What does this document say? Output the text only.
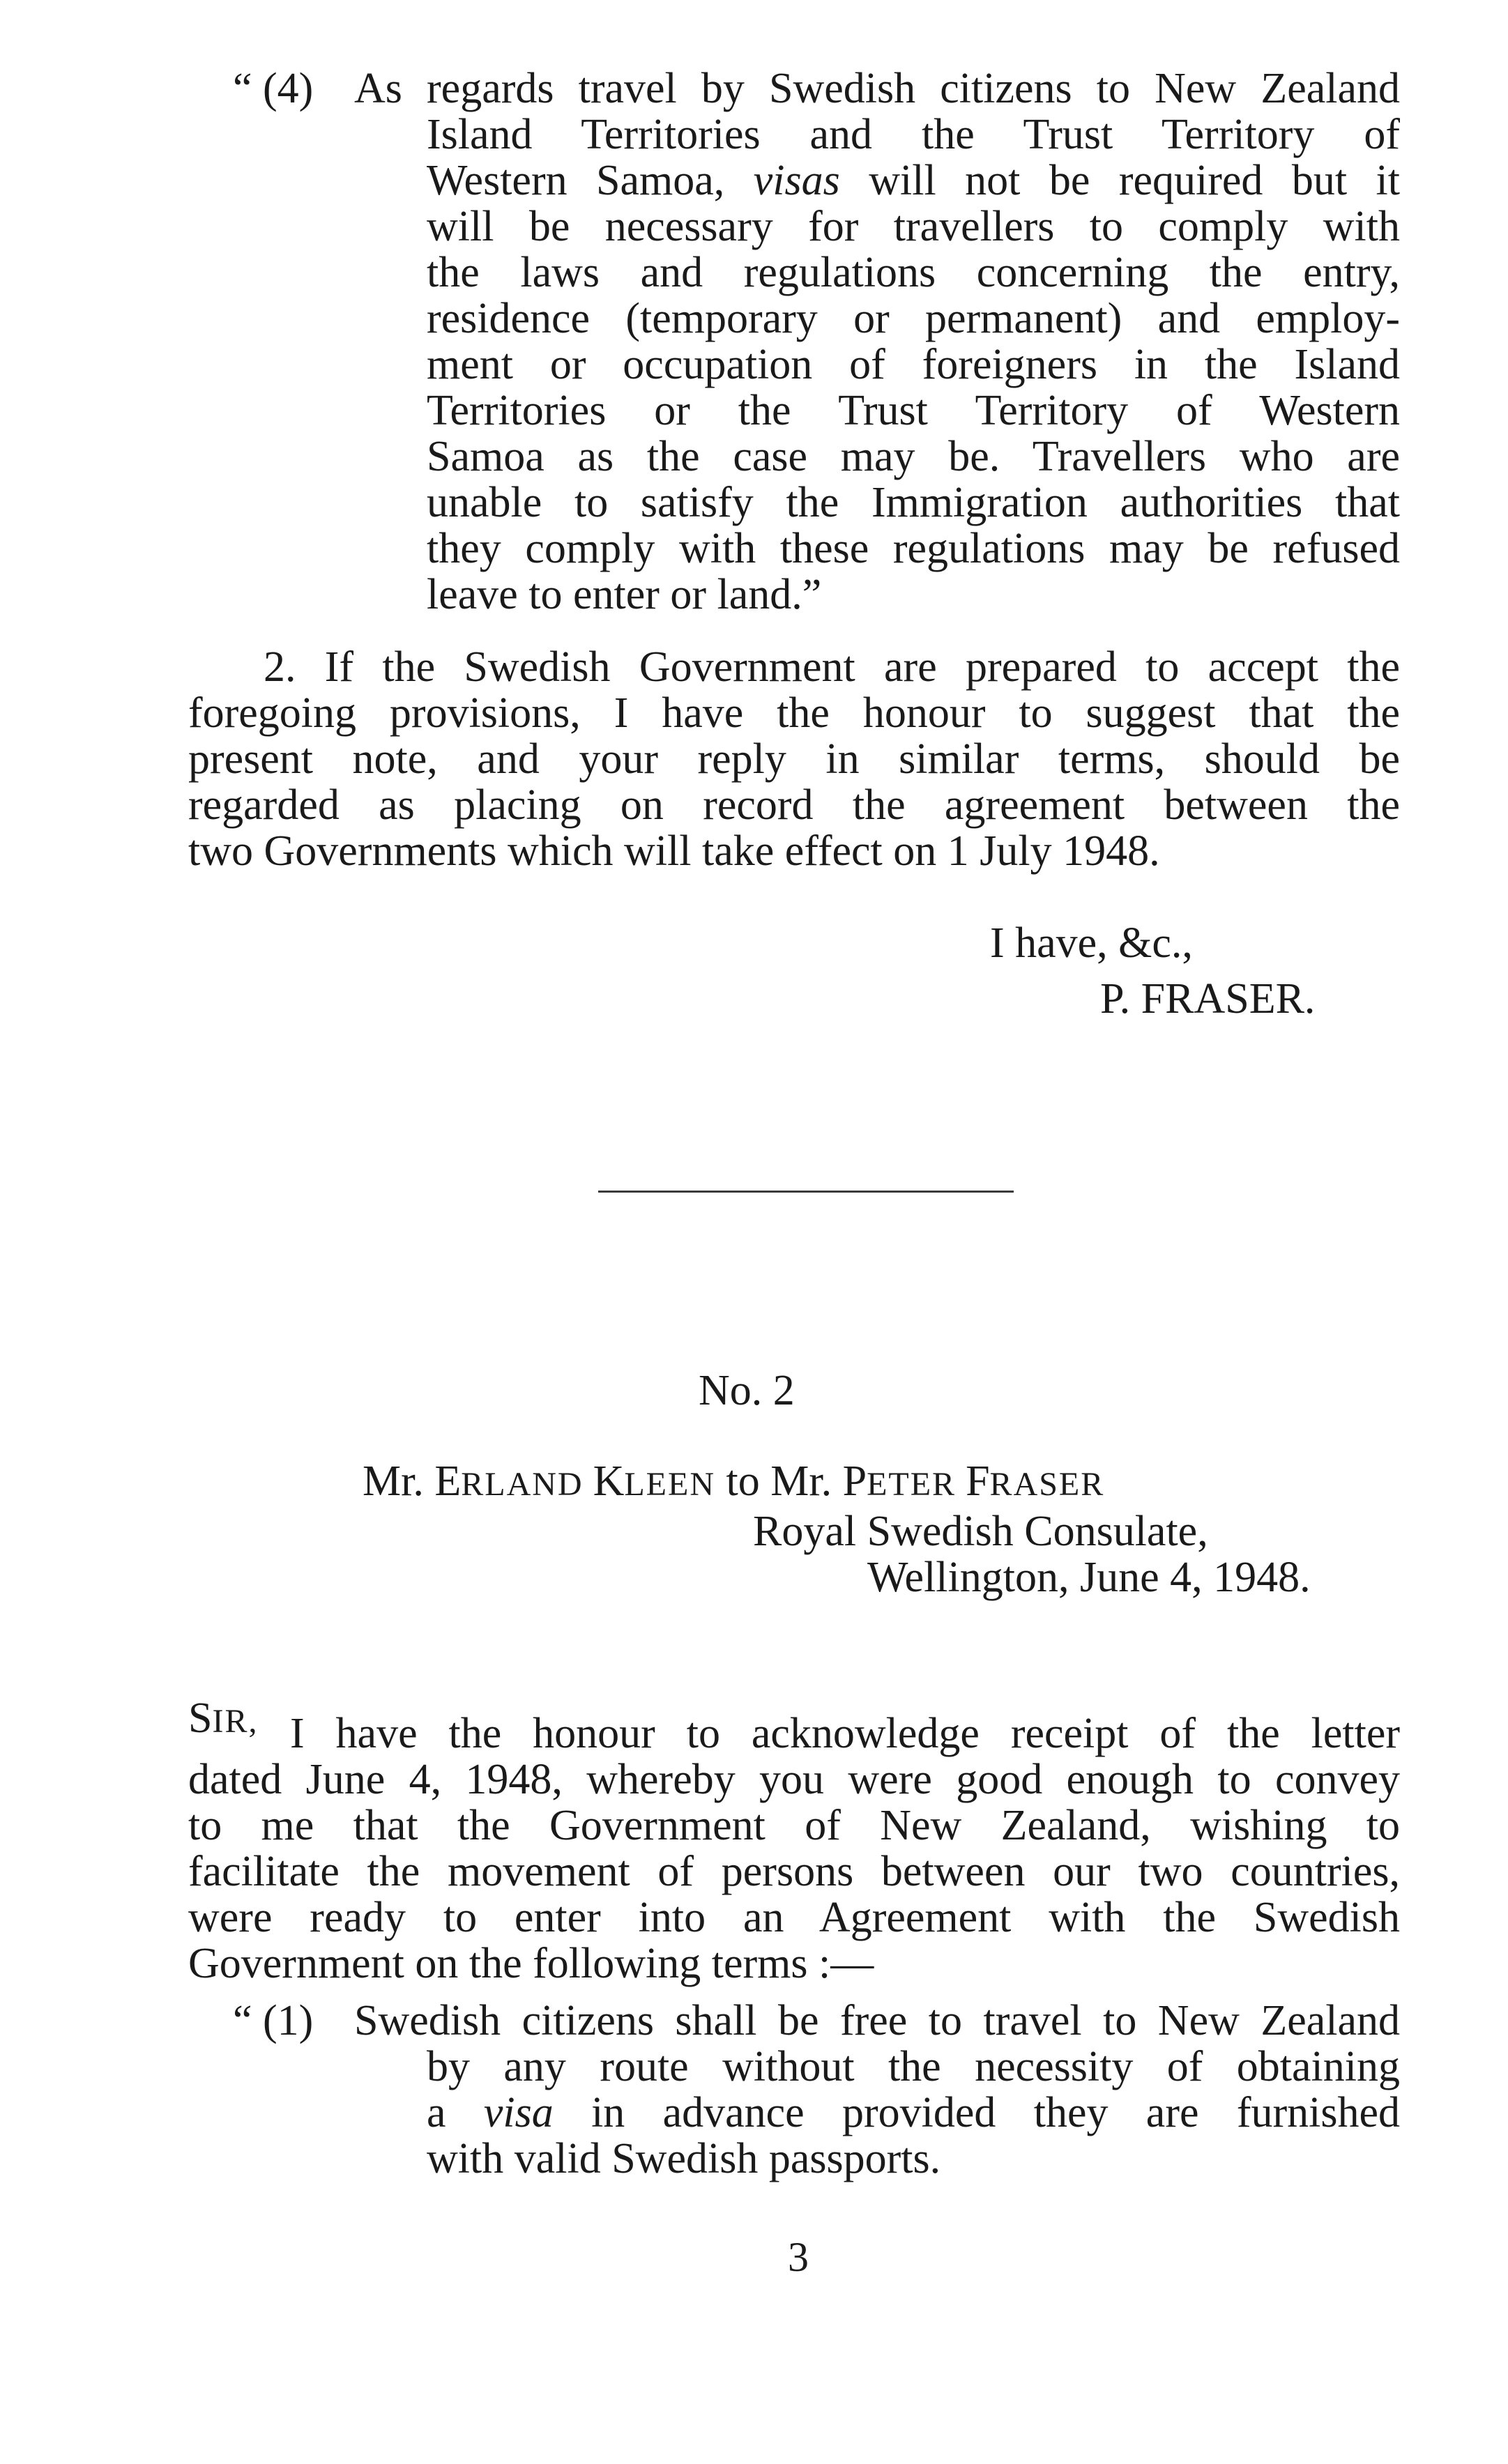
“ (4) As regards travel by Swedish citizens to New Zealand

Island Territories and the Trust Territory of

Western Samoa, visas will not be required but it

will be necessary for travellers to comply with

the laws and regulations concerning the entry,

residence (temporary or permanent) and employ-

ment or occupation of foreigners in the Island

Territories or the Trust Territory of Western

Samoa as the case may be. Travellers who are

unable to satisfy the Immigration authorities that

they comply with these regulations may be refused

leave to enter or land.”

2. If the Swedish Government are prepared to accept the

foregoing provisions, I have the honour to suggest that the

present note, and your reply in similar terms, should be

regarded as placing on record the agreement between the

two Governments which will take effect on 1 July 1948.

I have, &c.,

P. FRASER.

No. 2

Mr. ERLAND KLEEN to Mr. PETER FRASER

Royal Swedish Consulate,

Wellington, June 4, 1948.

SIR, I have the honour to acknowledge receipt of the letter

dated June 4, 1948, whereby you were good enough to convey

to me that the Government of New Zealand, wishing to

facilitate the movement of persons between our two countries,

were ready to enter into an Agreement with the Swedish

Government on the following terms :—

“ (1) Swedish citizens shall be free to travel to New Zealand

by any route without the necessity of obtaining

a visa in advance provided they are furnished

with valid Swedish passports.

3
